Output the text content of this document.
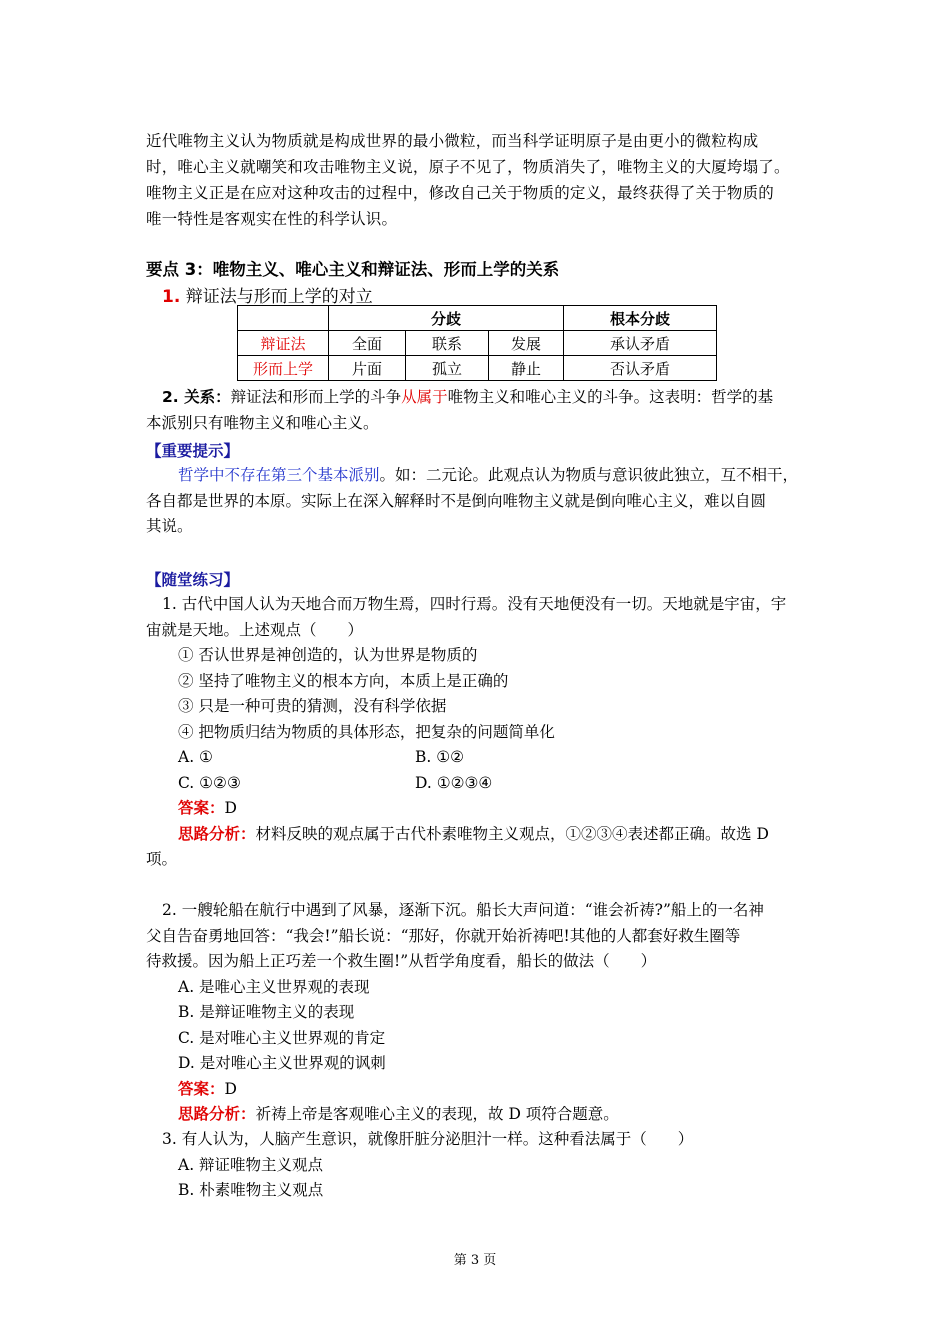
近代唯物主义认为物质就是构成世界的最小微粒，而当科学证明原子是由更小的微粒构成
时，唯心主义就嘲笑和攻击唯物主义说，原子不见了，物质消失了，唯物主义的大厦垮塌了。
唯物主义正是在应对这种攻击的过程中，修改自己关于物质的定义，最终获得了关于物质的
唯一特性是客观实在性的科学认识。
要点 3：唯物主义、唯心主义和辩证法、形而上学的关系
1. 辩证法与形而上学的对立
	分歧			根本分歧
辩证法	全面	联系	发展	承认矛盾
形而上学	片面	孤立	静止	否认矛盾
2. 关系：辩证法和形而上学的斗争从属于唯物主义和唯心主义的斗争。这表明：哲学的基
本派别只有唯物主义和唯心主义。
【重要提示】
哲学中不存在第三个基本派别。如：二元论。此观点认为物质与意识彼此独立，互不相干，
各自都是世界的本原。实际上在深入解释时不是倒向唯物主义就是倒向唯心主义，难以自圆
其说。
【随堂练习】
1. 古代中国人认为天地合而万物生焉，四时行焉。没有天地便没有一切。天地就是宇宙，宇
宙就是天地。上述观点（　　）
① 否认世界是神创造的，认为世界是物质的
② 坚持了唯物主义的根本方向，本质上是正确的
③ 只是一种可贵的猜测，没有科学依据
④ 把物质归结为物质的具体形态，把复杂的问题简单化
A. ①	B. ①②
C. ①②③	D. ①②③④
答案：D
思路分析：材料反映的观点属于古代朴素唯物主义观点，①②③④表述都正确。故选 D
项。
2. 一艘轮船在航行中遇到了风暴，逐渐下沉。船长大声问道：“谁会祈祷?”船上的一名神
父自告奋勇地回答：“我会!”船长说：“那好，你就开始祈祷吧!其他的人都套好救生圈等
待救援。因为船上正巧差一个救生圈!”从哲学角度看，船长的做法（　　）
A. 是唯心主义世界观的表现
B. 是辩证唯物主义的表现
C. 是对唯心主义世界观的肯定
D. 是对唯心主义世界观的讽刺
答案：D
思路分析：祈祷上帝是客观唯心主义的表现，故 D 项符合题意。
3. 有人认为，人脑产生意识，就像肝脏分泌胆汁一样。这种看法属于（　　）
A. 辩证唯物主义观点
B. 朴素唯物主义观点
第 3 页
